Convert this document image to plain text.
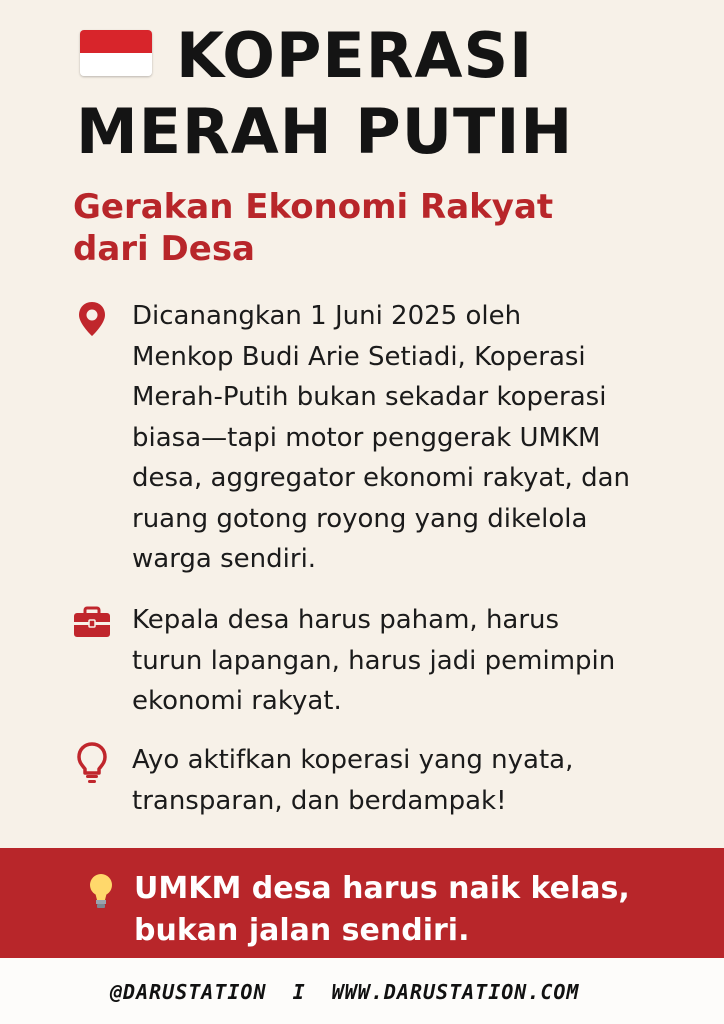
KOPERASI
MERAH PUTIH
Gerakan Ekonomi Rakyat
dari Desa
Dicanangkan 1 Juni 2025 oleh
Menkop Budi Arie Setiadi, Koperasi
Merah-Putih bukan sekadar koperasi
biasa—tapi motor penggerak UMKM
desa, aggregator ekonomi rakyat, dan
ruang gotong royong yang dikelola
warga sendiri.
Kepala desa harus paham, harus
turun lapangan, harus jadi pemimpin
ekonomi rakyat.
Ayo aktifkan koperasi yang nyata,
transparan, dan berdampak!
UMKM desa harus naik kelas,
bukan jalan sendiri.
@DARUSTATION  I  WWW.DARUSTATION.COM
